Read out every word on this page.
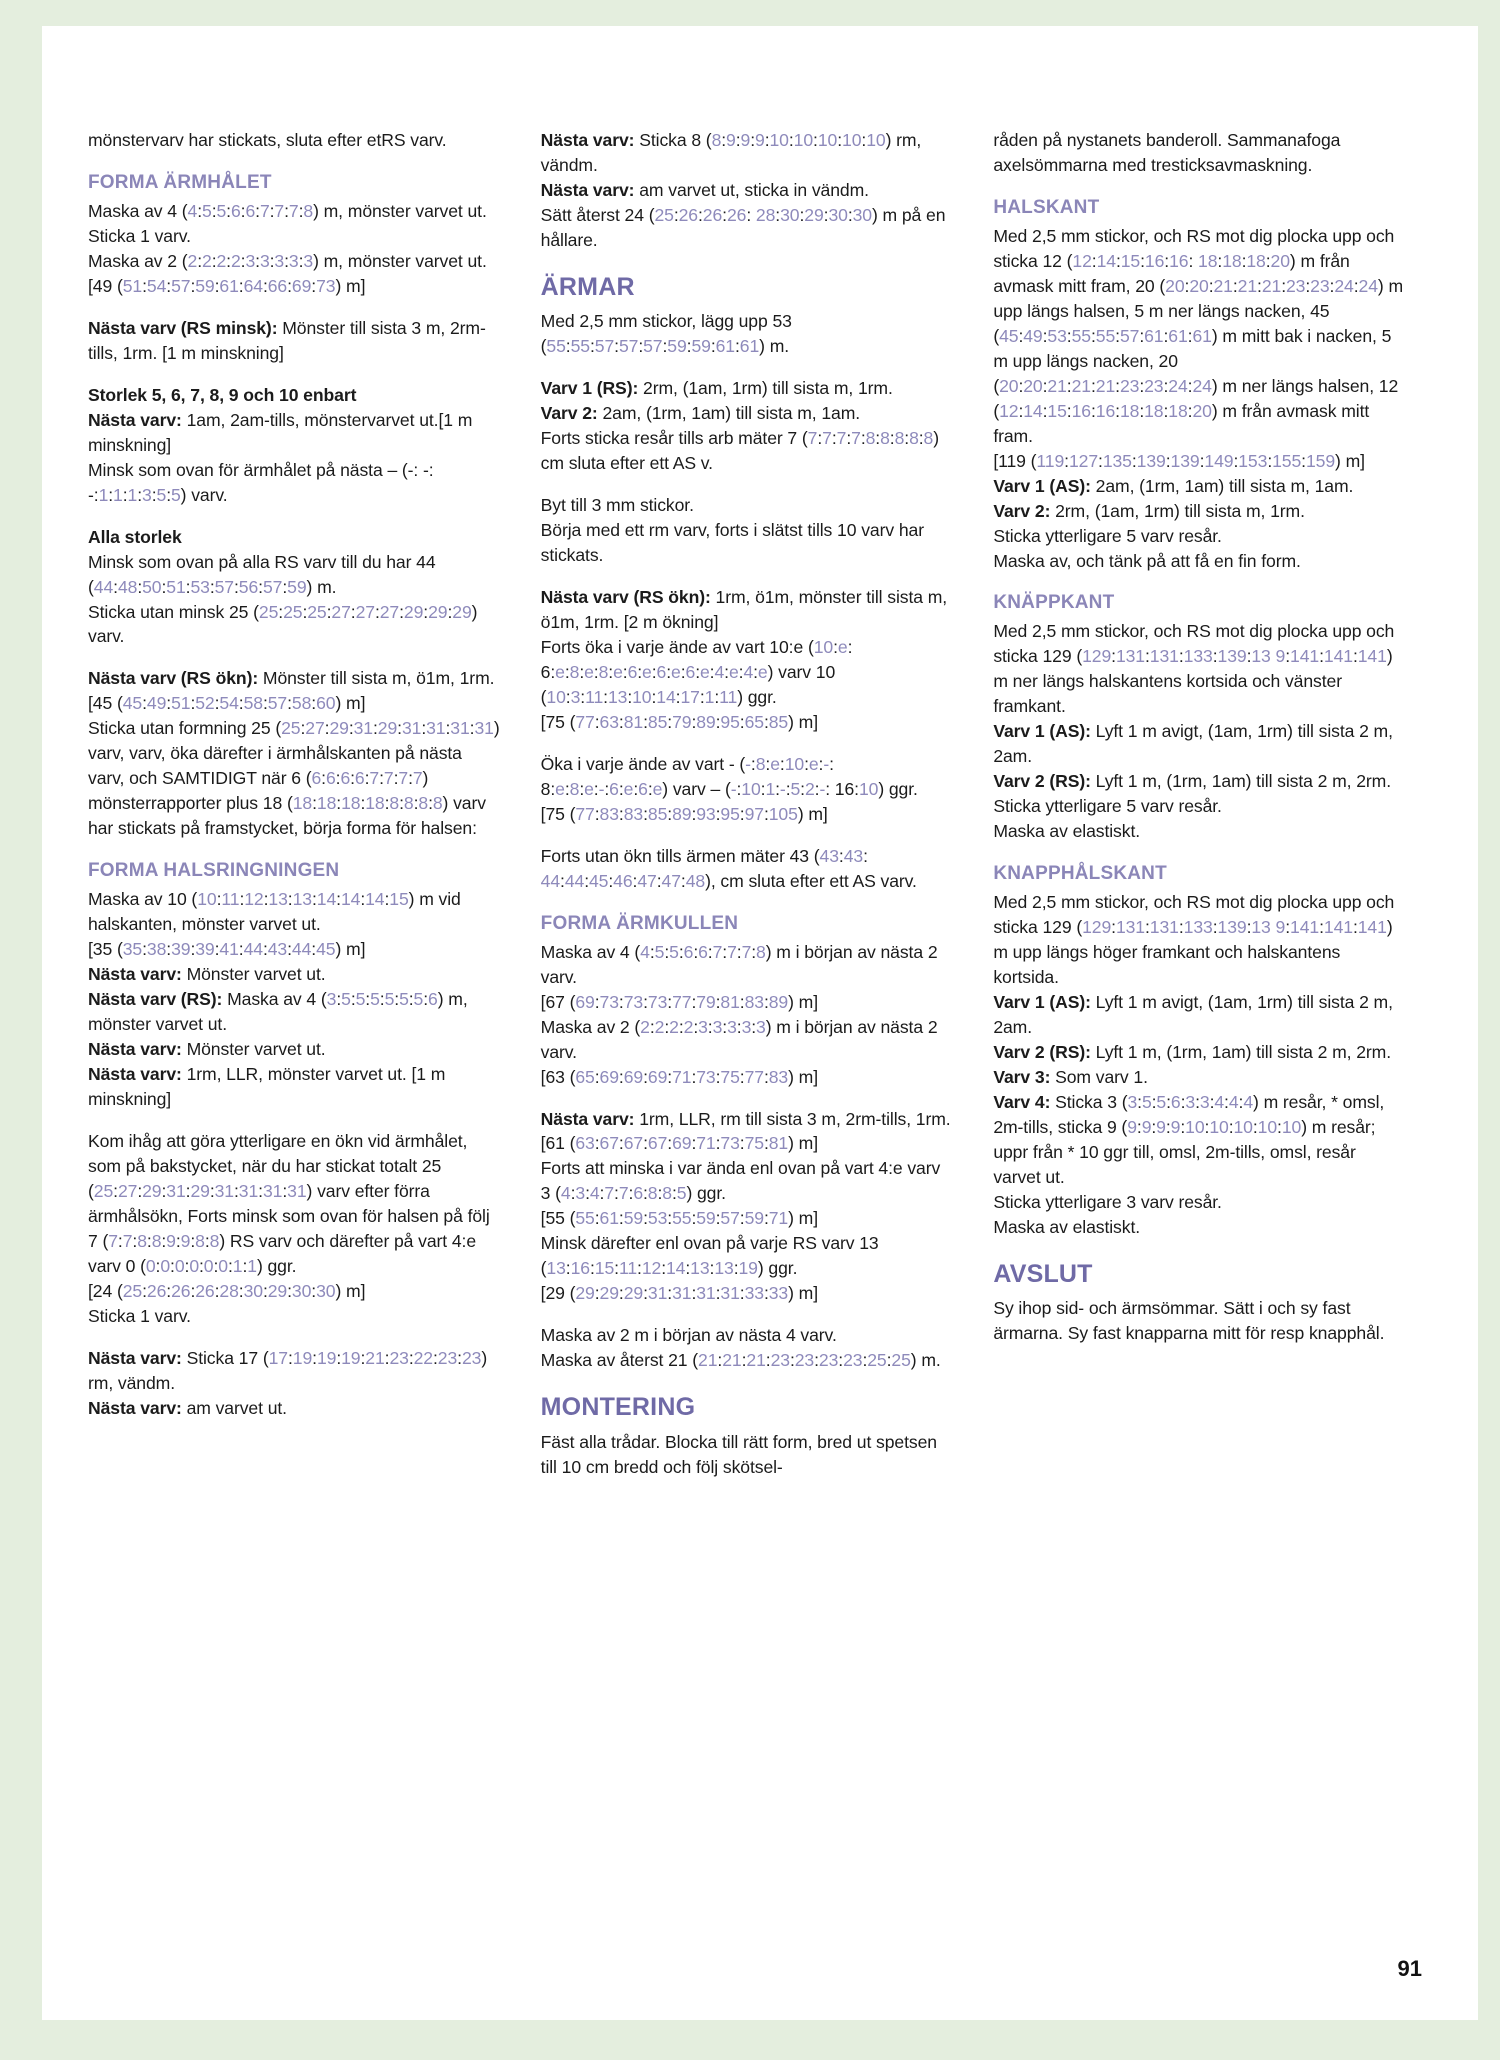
mönstervarv har stickats, sluta efter etRS varv.

FORMA ÄRMHÅLET

Maska av 4 (4:5:5:6:6:7:7:7:8) m, mönster varvet ut.
Sticka 1 varv.
Maska av 2 (2:2:2:2:3:3:3:3:3) m, mönster varvet ut.
[49 (51:54:57:59:61:64:66:69:73) m]

Nästa varv (RS minsk): Mönster till sista 3 m, 2rm-tills, 1rm. [1 m minskning]

Storlek 5, 6, 7, 8, 9 och 10 enbart
Nästa varv: 1am, 2am-tills, mönstervarvet ut.[1 m minskning]
Minsk som ovan för ärmhålet på nästa – (-: -: -:1:1:1:3:5:5) varv.

Alla storlek
Minsk som ovan på alla RS varv till du har 44 (44:48:50:51:53:57:56:57:59) m.
Sticka utan minsk 25 (25:25:25:27:27:27:29:29:29) varv.

Nästa varv (RS ökn): Mönster till sista m, ö1m, 1rm.
[45 (45:49:51:52:54:58:57:58:60) m]
Sticka utan formning 25 (25:27:29:31:29:31:31:31:31) varv, varv, öka därefter i ärmhålskanten på nästa varv, och SAMTIDIGT när 6 (6:6:6:6:7:7:7:7) mönsterrapporter plus 18 (18:18:18:18:8:8:8:8) varv har stickats på framstycket, börja forma för halsen:

FORMA HALSRINGNINGEN

Maska av 10 (10:11:12:13:13:14:14:14:15) m vid halskanten, mönster varvet ut.
[35 (35:38:39:39:41:44:43:44:45) m]
Nästa varv: Mönster varvet ut.
Nästa varv (RS): Maska av 4 (3:5:5:5:5:5:5:6) m, mönster varvet ut.
Nästa varv: Mönster varvet ut.
Nästa varv: 1rm, LLR, mönster varvet ut. [1 m minskning]

Kom ihåg att göra ytterligare en ökn vid ärmhålet, som på bakstycket, när du har stickat totalt 25 (25:27:29:31:29:31:31:31:31) varv efter förra ärmhålsökn, Forts minsk som ovan för halsen på följ 7 (7:7:8:8:9:9:8:8) RS varv och därefter på vart 4:e varv 0 (0:0:0:0:0:0:1:1) ggr.
[24 (25:26:26:26:28:30:29:30:30) m]
Sticka 1 varv.

Nästa varv: Sticka 17 (17:19:19:19:21:23:22:23:23) rm, vändm.
Nästa varv: am varvet ut.

Nästa varv: Sticka 8 (8:9:9:9:10:10:10:10:10) rm, vändm.
Nästa varv: am varvet ut, sticka in vändm.
Sätt återst 24 (25:26:26:26: 28:30:29:30:30) m på en hållare.

ÄRMAR

Med 2,5 mm stickor, lägg upp 53 (55:55:57:57:57:59:59:61:61) m.

Varv 1 (RS): 2rm, (1am, 1rm) till sista m, 1rm.
Varv 2: 2am, (1rm, 1am) till sista m, 1am.
Forts sticka resår tills arb mäter 7 (7:7:7:7:8:8:8:8:8) cm sluta efter ett AS v.

Byt till 3 mm stickor.
Börja med ett rm varv, forts i slätst tills 10 varv har stickats.

Nästa varv (RS ökn): 1rm, ö1m, mönster till sista m, ö1m, 1rm. [2 m ökning]
Forts öka i varje ände av vart 10:e (10:e: 6:e:8:e:8:e:6:e:6:e:6:e:4:e:4:e) varv 10 (10:3:11:13:10:14:17:1:11) ggr.
[75 (77:63:81:85:79:89:95:65:85) m]

Öka i varje ände av vart - (-:8:e:10:e:-: 8:e:8:e:-:6:e:6:e) varv – (-:10:1:-:5:2:-: 16:10) ggr.
[75 (77:83:83:85:89:93:95:97:105) m]

Forts utan ökn tills ärmen mäter 43 (43:43: 44:44:45:46:47:47:48), cm sluta efter ett AS varv.

FORMA ÄRMKULLEN

Maska av 4 (4:5:5:6:6:7:7:7:8) m i början av nästa 2 varv.
[67 (69:73:73:73:77:79:81:83:89) m]
Maska av 2 (2:2:2:2:3:3:3:3:3) m i början av nästa 2 varv.
[63 (65:69:69:69:71:73:75:77:83) m]

Nästa varv: 1rm, LLR, rm till sista 3 m, 2rm-tills, 1rm.
[61 (63:67:67:67:69:71:73:75:81) m]
Forts att minska i var ända enl ovan på vart 4:e varv 3 (4:3:4:7:7:6:8:8:5) ggr.
[55 (55:61:59:53:55:59:57:59:71) m]
Minsk därefter enl ovan på varje RS varv 13 (13:16:15:11:12:14:13:13:19) ggr.
[29 (29:29:29:31:31:31:31:33:33) m]

Maska av 2 m i början av nästa 4 varv.
Maska av återst 21 (21:21:21:23:23:23:23:25:25) m.

MONTERING

Fäst alla trådar. Blocka till rätt form, bred ut spetsen till 10 cm bredd och följ skötsel-

råden på nystanets banderoll. Sammanafoga axelsömmarna med tresticksavmaskning.

HALSKANT

Med 2,5 mm stickor, och RS mot dig plocka upp och sticka 12 (12:14:15:16:16: 18:18:18:20) m från avmask mitt fram, 20 (20:20:21:21:21:23:23:24:24) m upp längs halsen, 5 m ner längs nacken, 45 (45:49:53:55:55:57:61:61:61) m mitt bak i nacken, 5 m upp längs nacken, 20 (20:20:21:21:21:23:23:24:24) m ner längs halsen, 12 (12:14:15:16:16:18:18:18:20) m från avmask mitt fram.
[119 (119:127:135:139:139:149:153:155:159) m]
Varv 1 (AS): 2am, (1rm, 1am) till sista m, 1am.
Varv 2: 2rm, (1am, 1rm) till sista m, 1rm.
Sticka ytterligare 5 varv resår.
Maska av, och tänk på att få en fin form.

KNÄPPKANT

Med 2,5 mm stickor, och RS mot dig plocka upp och sticka 129 (129:131:131:133:139:13 9:141:141:141) m ner längs halskantens kortsida och vänster framkant.
Varv 1 (AS): Lyft 1 m avigt, (1am, 1rm) till sista 2 m, 2am.
Varv 2 (RS): Lyft 1 m, (1rm, 1am) till sista 2 m, 2rm.
Sticka ytterligare 5 varv resår.
Maska av elastiskt.

KNAPPHÅLSKANT

Med 2,5 mm stickor, och RS mot dig plocka upp och sticka 129 (129:131:131:133:139:13 9:141:141:141) m upp längs höger framkant och halskantens kortsida.
Varv 1 (AS): Lyft 1 m avigt, (1am, 1rm) till sista 2 m, 2am.
Varv 2 (RS): Lyft 1 m, (1rm, 1am) till sista 2 m, 2rm.
Varv 3: Som varv 1.
Varv 4: Sticka 3 (3:5:5:6:3:3:4:4:4) m resår, * omsl, 2m-tills, sticka 9 (9:9:9:9:10:10:10:10:10) m resår; uppr från * 10 ggr till, omsl, 2m-tills, omsl, resår varvet ut.
Sticka ytterligare 3 varv resår.
Maska av elastiskt.

AVSLUT

Sy ihop sid- och ärmsömmar. Sätt i och sy fast ärmarna. Sy fast knapparna mitt för resp knapphål.

91
